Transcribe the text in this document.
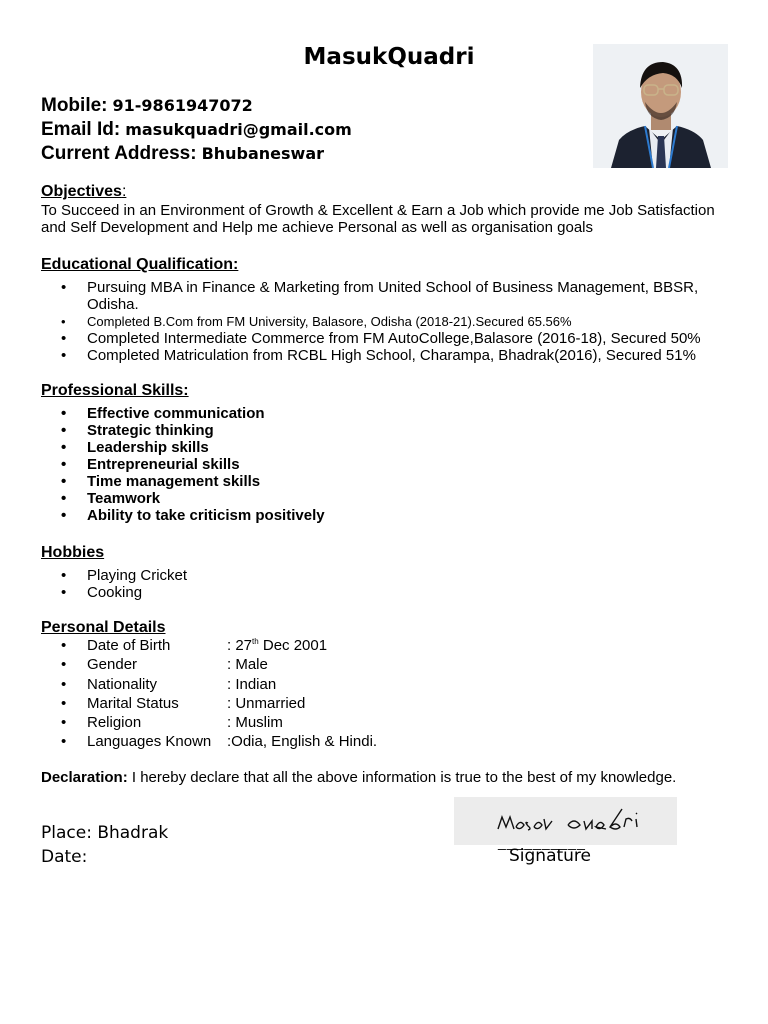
MasukQuadri
Mobile: 91-9861947072
Email Id: masukquadri@gmail.com
Current Address: Bhubaneswar
Objectives:
To Succeed in an Environment of Growth & Excellent & Earn a Job which provide me Job Satisfaction and Self Development and Help me achieve Personal as well as organisation goals
Educational Qualification:
• Pursuing MBA in Finance & Marketing from United School of Business Management, BBSR, Odisha.
• Completed B.Com from FM University, Balasore, Odisha (2018-21).Secured 65.56%
• Completed Intermediate Commerce from FM AutoCollege,Balasore (2016-18), Secured 50%
• Completed Matriculation from RCBL High School, Charampa, Bhadrak(2016), Secured 51%
Professional Skills:
• Effective communication
• Strategic thinking
• Leadership skills
• Entrepreneurial skills
• Time management skills
• Teamwork
• Ability to take criticism positively
Hobbies
• Playing Cricket
• Cooking
Personal Details
• Date of Birth	: 27th Dec 2001
• Gender	: Male
• Nationality	: Indian
• Marital Status	: Unmarried
• Religion	: Muslim
• Languages Known :Odia, English & Hindi.
Declaration: I hereby declare that all the above information is true to the best of my knowledge.
__________
Place: Bhadrak
Date:	Signature
